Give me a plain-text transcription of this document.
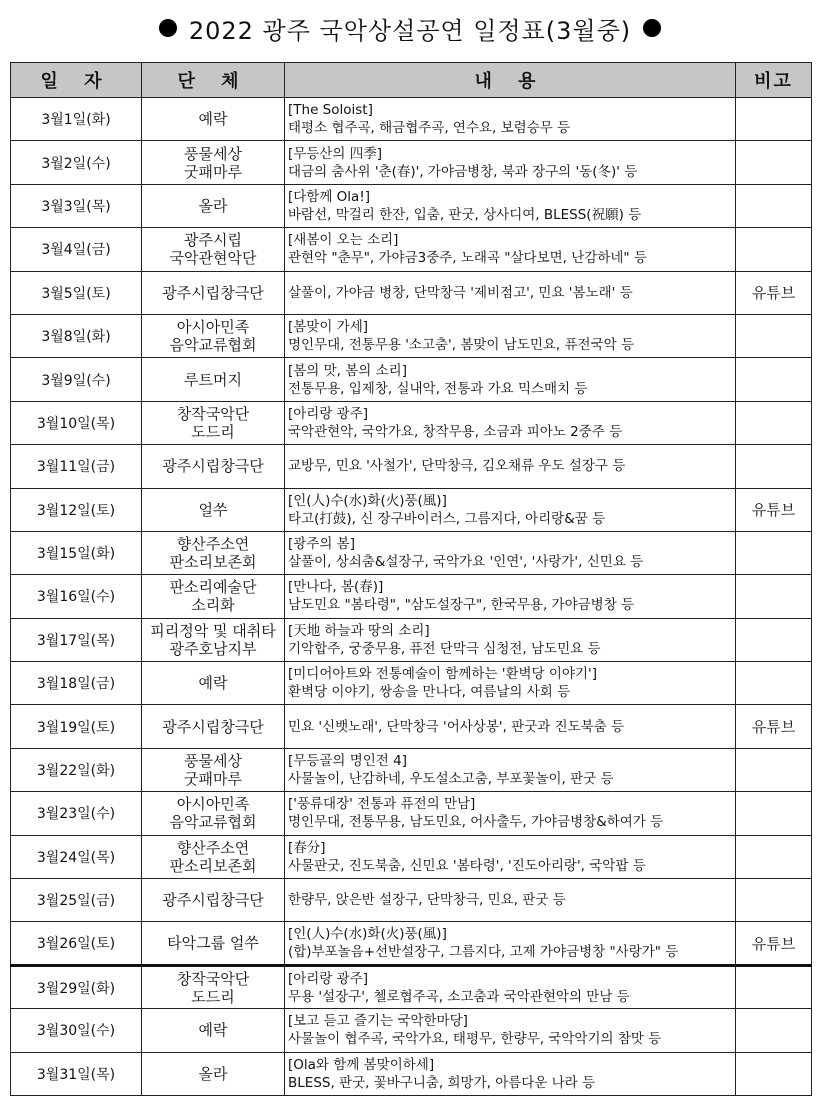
2022 광주 국악상설공연 일정표(3월중)
일 자	단 체	내 용	비고
3월1일(화)	예락	[The Soloist]
태평소 협주곡, 해금협주곡, 연수요, 보렴승무 등	

3월2일(수)	풍물세상
굿패마루	[무등산의 四季]
대금의 춤사위 '춘(春)', 가야금병창, 북과 장구의 '동(冬)' 등	

3월3일(목)	올라	[다함께 Ola!]
바람선, 막걸리 한잔, 입춤, 판굿, 상사디여, BLESS(祝願) 등	

3월4일(금)	광주시립
국악관현악단	[새봄이 오는 소리]
관현악 "춘무", 가야금3중주, 노래곡 "살다보면, 난감하네" 등	

3월5일(토)	광주시립창극단	살풀이, 가야금 병창, 단막창극 '제비점고', 민요 '봄노래' 등	유튜브
3월8일(화)	아시아민족
음악교류협회	[봄맞이 가세]
명인무대, 전통무용 '소고춤', 봄맞이 남도민요, 퓨전국악 등	

3월9일(수)	루트머지	[봄의 맛, 봄의 소리]
전통무용, 입제창, 실내악, 전통과 가요 믹스매치 등	

3월10일(목)	창작국악단
도드리	[아리랑 광주]
국악관현악, 국악가요, 창작무용, 소금과 피아노 2중주 등	

3월11일(금)	광주시립창극단	교방무, 민요 '사철가', 단막창극, 김오채류 우도 설장구 등	

3월12일(토)	얼쑤	[인(人)수(水)화(火)풍(風)]
타고(打鼓), 신 장구바이러스, 그름지다, 아리랑&꿈 등	유튜브
3월15일(화)	향산주소연
판소리보존회	[광주의 봄]
살풀이, 상쇠춤&설장구, 국악가요 '인연', '사랑가', 신민요 등	

3월16일(수)	판소리예술단
소리화	[만나다, 봄(春)]
남도민요 "봄타령", "삼도설장구", 한국무용, 가야금병창 등	

3월17일(목)	피리정악 및 대취타
광주호남지부	[天地 하늘과 땅의 소리]
기악합주, 궁중무용, 퓨전 단막극 심청전, 남도민요 등	

3월18일(금)	예락	[미디어아트와 전통예술이 함께하는 '환벽당 이야기']
환벽당 이야기, 쌍송을 만나다, 여름날의 사회 등	

3월19일(토)	광주시립창극단	민요 '신뱃노래', 단막창극 '어사상봉', 판굿과 진도북춤 등	유튜브
3월22일(화)	풍물세상
굿패마루	[무등골의 명인전 4]
사물놀이, 난감하네, 우도설소고춤, 부포꽃놀이, 판굿 등	

3월23일(수)	아시아민족
음악교류협회	['풍류대장' 전통과 퓨전의 만남]
명인무대, 전통무용, 남도민요, 어사출두, 가야금병창&하여가 등	

3월24일(목)	향산주소연
판소리보존회	[春分]
사물판굿, 진도북춤, 신민요 '봄타령', '진도아리랑', 국악팝 등	

3월25일(금)	광주시립창극단	한량무, 앉은반 설장구, 단막창극, 민요, 판굿 등	

3월26일(토)	타악그룹 얼쑤	[인(人)수(水)화(火)풍(風)]
(합)부포놀음+선반설장구, 그름지다, 고제 가야금병창 "사랑가" 등	유튜브
3월29일(화)	창작국악단
도드리	[아리랑 광주]
무용 '설장구', 첼로협주곡, 소고춤과 국악관현악의 만남 등	

3월30일(수)	예락	[보고 듣고 즐기는 국악한마당]
사물놀이 협주곡, 국악가요, 태평무, 한량무, 국악악기의 참맛 등	

3월31일(목)	올라	[Ola와 함께 봄맞이하세]
BLESS, 판굿, 꽃바구니춤, 희망가, 아름다운 나라 등	
